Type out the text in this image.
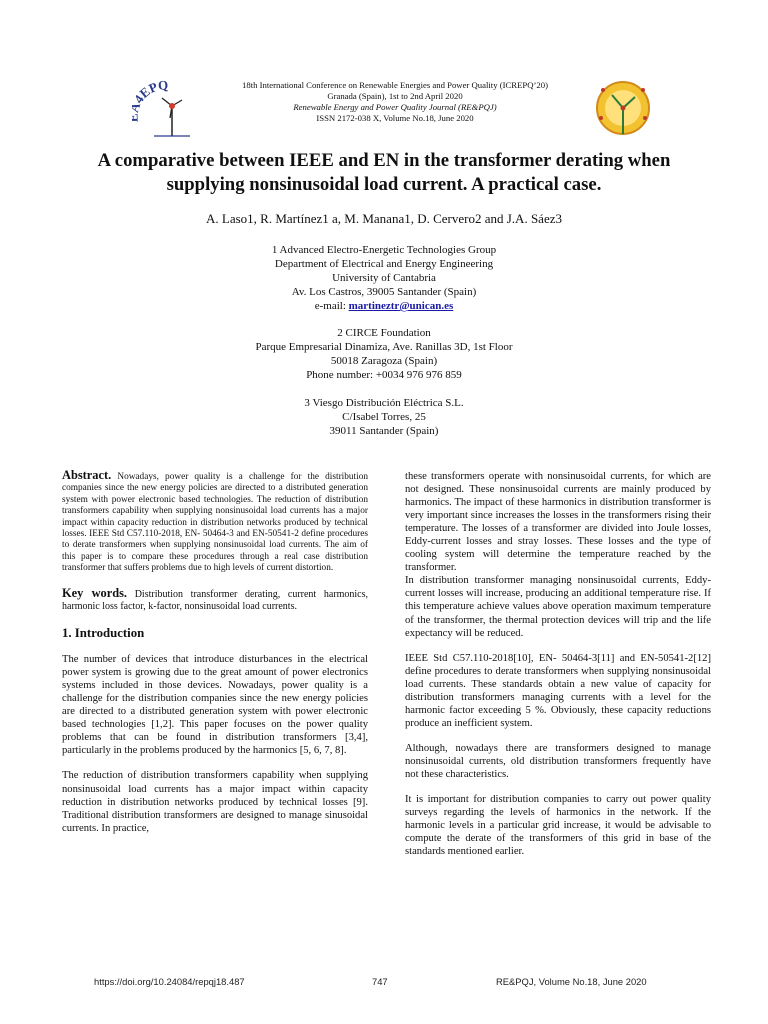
4EPQ	18th International Conference on Renewable Energies and Power Quality (ICREPQ’20)
Granada (Spain), 1st to 2nd April 2020
Renewable Energy and Power Quality Journal (RE&PQJ)
ISSN 2172-038 X, Volume No.18, June 2020
A comparative between IEEE and EN in the transformer derating when
supplying nonsinusoidal load current. A practical case.
A. Laso1, R. Martínez1 a, M. Manana1, D. Cervero2 and J.A. Sáez3
1 Advanced Electro-Energetic Technologies Group
Department of Electrical and Energy Engineering
University of Cantabria
Av. Los Castros, 39005 Santander (Spain)
e-mail: martineztr@unican.es
2 CIRCE Foundation
Parque Empresarial Dinamiza, Ave. Ranillas 3D, 1st Floor
50018 Zaragoza (Spain)
Phone number: +0034 976 976 859
3 Viesgo Distribución Eléctrica S.L.
C/Isabel Torres, 25
39011 Santander (Spain)

Abstract. Nowadays, power quality is a challenge for the distribution companies since the new energy policies are directed to a distributed generation system with power electronic based technologies. The reduction of distribution transformers capability when supplying nonsinusoidal load currents has a major impact within capacity reduction in distribution networks produced by technical losses. IEEE Std C57.110-2018, EN- 50464-3 and EN-50541-2 define procedures to derate transformers when supplying nonsinusoidal load currents. The aim of this paper is to compare these procedures through a real case distribution transformer that suffers problems due to high levels of current distortion.

Key words. Distribution transformer derating, current harmonics, harmonic loss factor, k-factor, nonsinusoidal load currents.

1. Introduction

The number of devices that introduce disturbances in the electrical power system is growing due to the great amount of power electronics systems included in those devices. Nowadays, power quality is a challenge for the distribution companies since the new energy policies are directed to a distributed generation system with power electronic based technologies [1,2]. This paper focuses on the power quality problems that can be found in distribution transformers [3,4], particularly in the problems produced by the harmonics [5, 6, 7, 8].

The reduction of distribution transformers capability when supplying nonsinusoidal load currents has a major impact within capacity reduction in distribution networks produced by technical losses [9]. Traditional distribution transformers are designed to manage sinusoidal currents. In practice,

these transformers operate with nonsinusoidal currents, for which are not designed. These nonsinusoidal currents are mainly produced by harmonics. The impact of these harmonics in distribution transformer is very important since increases the losses in the transformers rising their temperature. The losses of a transformer are divided into Joule losses, Eddy-current losses and stray losses. These losses and the type of cooling system will determine the temperature reached by the transformer.

In distribution transformer managing nonsinusoidal currents, Eddy-current losses will increase, producing an additional temperature rise. If this temperature achieve values above operation maximum temperature of the transformer, the thermal protection devices will trip and the life expectancy will be reduced.

IEEE Std C57.110-2018[10], EN- 50464-3[11] and EN-50541-2[12] define procedures to derate transformers when supplying nonsinusoidal load currents. These standards obtain a new value of capacity for distribution transformers managing currents with a level for the harmonic factor exceeding 5 %. Obviously, these capacity reductions produce an inefficient system.

Although, nowadays there are transformers designed to manage nonsinusoidal currents, old distribution transformers frequently have not these characteristics.

It is important for distribution companies to carry out power quality surveys regarding the levels of harmonics in the network. If the harmonic levels in a particular grid increase, it would be advisable to compute the derate of the transformers of this grid in base of the standards mentioned earlier.

https://doi.org/10.24084/repqj18.487	747	RE&PQJ, Volume No.18, June 2020
